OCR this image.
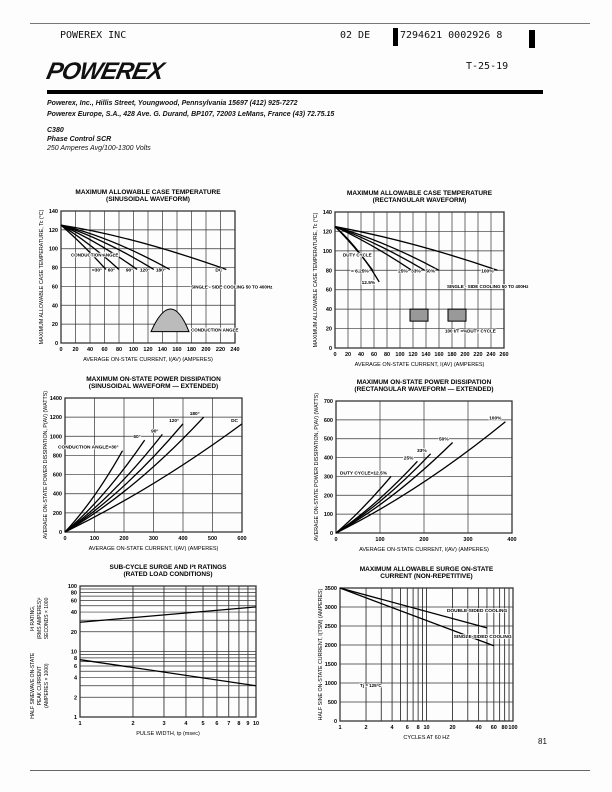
POWEREX INC	02 DE	7294621 0002926 8
POWEREX	T-25-19
Powerex, Inc., Hillis Street, Youngwood, Pennsylvania 15697 (412) 925-7272
Powerex Europe, S.A., 428 Ave. G. Durand, BP107, 72003 LeMans, France (43) 72.75.15
C380
Phase Control SCR
250 Amperes Avg/100-1300 Volts
MAXIMUM ALLOWABLE CASE TEMPERATURE
(SINUSOIDAL WAVEFORM)
0 20 40 60 80 100 120 140 160 180 200 220 240
0
20
40
60
80
100
120
140
AVERAGE ON-STATE CURRENT, I(AV) (AMPERES)
MAXIMUM ALLOWABLE CASE TEMPERATURE, Tc (°C)	=30° 60° 90° 120° 180°	DC
CONDUCTION ANGLE
SINGLE - SIDE COOLING 50 TO 400Hz
CONDUCTION ANGLE
MAXIMUM ALLOWABLE CASE TEMPERATURE
(RECTANGULAR WAVEFORM)
0 20 40 60 80 100 120 140 160 180 200 220 240 260
0
20
40
60
80
100
120
140
AVERAGE ON-STATE CURRENT, I(AV) (AMPERES)
MAXIMUM ALLOWABLE CASE TEMPERATURE, Tc (°C)	= 6.25%
12.5%
25% 33% 50%	100%
DUTY CYCLE
SINGLE - SIDE COOLING 50 TO 400Hz
100 t/T =%DUTY CYCLE
MAXIMUM ON-STATE POWER DISSIPATION
(SINUSOIDAL WAVEFORM — EXTENDED)
0	100	200	300	400	500	600
0
200
400
600
800
1000
1200
1400
AVERAGE ON-STATE CURRENT, I(AV) (AMPERES)
AVERAGE ON-STATE POWER DISSIPATION, P(AV) (WATTS) CONDUCTION ANGLE=30°
60°
90°
120°
180°
DC
MAXIMUM ON-STATE POWER DISSIPATION
(RECTANGULAR WAVEFORM — EXTENDED)
0	100	200	300	400
0
100
200
300
400
500
600
700
AVERAGE ON-STATE CURRENT, I(AV) (AMPERES)
AVERAGE ON-STATE POWER DISSIPATION, P(AV) (WATTS)	DUTY CYCLE=12.5%
25%
33%
50%
100%
SUB-CYCLE SURGE AND I²t RATINGS
(RATED LOAD CONDITIONS)
1	2	3	4	5 6 7 8 9 10
1
2
4
6
8
10
20
40
60
80
100
PULSE WIDTH, tp (msec)
I²t RATING,(RMS AMPERES)²SECONDS × 1000
HALF SINEWAVE ON-STATEPEAK CURRENT(AMPERES × 1000)
MAXIMUM ALLOWABLE SURGE ON-STATE
CURRENT (NON-REPETITIVE)
1	2	4 6 8 10	20	40 60 80 100
0
500
1000
1500
2000
2500
3000
3500
CYCLES AT 60 HZ
HALF SINE ON-STATE CURRENT, I(TSM) (AMPERES)	DOUBLE-SIDED COOLING
SINGLE-SIDED COOLING
Tj = 125°C
81
